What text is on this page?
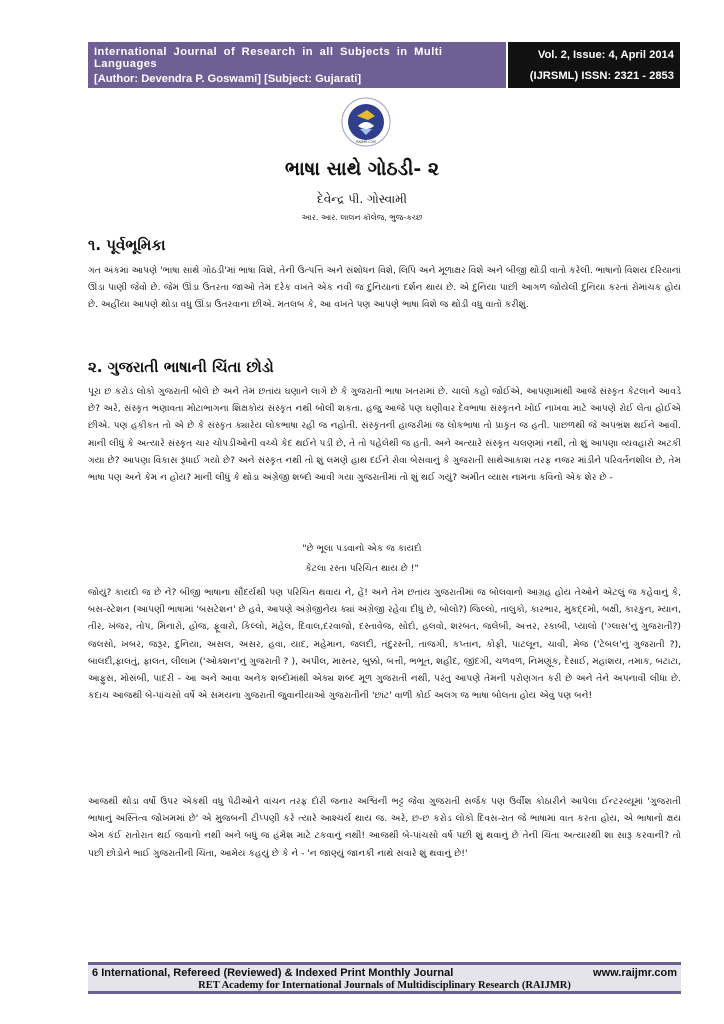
International Journal of Research in all Subjects in Multi Languages
[Author: Devendra P. Goswami] [Subject: Gujarati]
Vol. 2, Issue: 4, April 2014
(IJRSML) ISSN: 2321 - 2853
RAIJMR.COM
ભાષા સાથે ગોઠડી- ૨
દેવેન્દ્ર પી. ગોસ્વામી
આર. આર. લાલન કૉલેજ, ભુજ-કચ્છ
૧. પૂર્વભૂમિકા

ગત અંકમાં આપણે 'ભાષા સાથે ગોઠડી'માં ભાષા વિશે, તેની ઉત્પત્તિ અને સંશોધન વિશે, લિપિ અને મૂળાક્ષર વિશે અને બીજી થોડી વાતો કરેલી. ભાષાનો વિશય દરિયાનાં ઊંડા પાણી જેવો છે. જેમ ઊંડા ઉતરતા જાઓ તેમ દરેક વખતે એક નવી જ દુનિયાનાં દર્શન થાય છે. એ દુનિયા પાછી આગળ જોયેલી દુનિયા કરતાં રોમાંચક હોય છે. અહીંયા આપણે થોડા વધુ ઊંડા ઉતરવાના છીએ. મતલબ કે, આ વખતે પણ આપણે ભાષા વિશે જ થોડી વધુ વાતો કરીશું.

૨. ગુજરાતી ભાષાની ચિંતા છોડો

પૂરા છ કરોડ લોકો ગુજરાતી બોલે છે અને તેમ છતાંય ઘણાને લાગે છે કે ગુજરાતી ભાષા ખતરામાં છે. ચાલો કહો જોઈએ, આપણામાંથી આજે સંસ્કૃત કેટલાને આવડે છે? અરે, સંસ્કૃત ભણાવતા મોટાભાગના શિક્ષકોય સંસ્કૃત નથી બોલી શકતા. હજુ આજે પણ ઘણીવાર દેવભાષા સંસ્કૃતને ખોઈ નાખવા માટે આપણે રોઈ લેતા હોઈએ છીએ. પણ હકીકત તો એ છે કે સંસ્કૃત ક્યારેય લોકભાષા રહી જ નહોતી. સંસ્કૃતની હાજરીમાં જ લોકભાષા તો પ્રાકૃત જ હતી. પાછળથી જે અપભ્રંશ થઈને આવી. માની લીધું કે અત્યારે સંસ્કૃત ચાર ચોપડીઓની વચ્ચે કેદ થઈને પડી છે, તે તો પહેલેથી જ હતી. અને અત્યારે સંસ્કૃત ચલણમાં નથી, તો શું આપણા વ્યવહારો અટકી ગયા છે? આપણા વિકાસ રૂંધાઈ ગયો છે? અને સંસ્કૃત નથી તો શું લમણે હાથ દઈને રોવા બેસવાનું કે ગુજરાતી સાથેઆકાશ તરફ નજર માંડીને પરિવર્તનશીલ છે, તેમ ભાષા પણ અને કેમ ન હોય? માની લીધું કે થોડા અંગ્રેજી શબ્દો આવી ગયા ગુજરાતીમાં તો શું થઈ ગયું? અમીત વ્યાસ નામના કવિનો એક શેર છે -

"છે ભૂલા પડવાનો એક જ કાયદો

કેટલા રસ્તા પરિચિત થાય છે !"

જોયું? કાયદો જ છે ને? બીજી ભાષાના સૌંદર્યથી પણ પરિચિત થવાય ને, હેં! અને તેમ છતાંય ગુજરાતીમાં જ બોલવાનો આગ્રહ હોય તેઓને એટલું જ કહેવાનું કે, બસ-સ્ટેશન (આપણી ભાષામાં 'બસટેશન' છે હવે, આપણે અંગ્રેજીનેય ક્યાં અંગ્રેજી રહેવા દીધું છે, બોલો?) જિલ્લો, તાલુકો, કારભાર, મુકદ્દમો, બક્ષી, કારકુન, મ્યાન, તીર, ખંજર, તોપ, મિનારો, હોજ, ફૂવારો, કિલ્લો, મહેલ, દિવાલ,દરવાજો, દસ્તાવેજ, સોદો, હલવો, શરબત, જલેબી, અત્તર, રકાબી, પ્યાલો ('ગ્લાસ'નું ગુજરાતી?) જલસો, ખબર, જરૂર, દુનિયા, અસલ, અસર, હવા, યાદ, મહેમાન, જલદી, તંદુરસ્તી, તાજગી, કપ્તાન, કોફી, પાટલૂન, ચાવી, મેજ ('ટેબલ'નું ગુજરાતી ?), બાલદી,ફાલતું, ફાલત, લીલામ ('ઓક્શન'નું ગુજરાતી ? ), અપીલ, માસ્તર, બુક્કો, બત્તી, ભભૂત, શહીદ, જીંદગી, ચળવળ, નિમણૂંક, દેસાઈ, મહાશય, તમાક, બટાટા, આફુસ, મોસંબી, પાદરી - આ અને આવા અનેક શબ્દોમાંથી એક્ય શબ્દ મૂળ ગુજરાતી નથી, પરંતુ આપણે તેમની પરોણગત કરી છે અને તેને અપનાવી લીધા છે. કદાચ આજથી બે-પાંચસો વર્ષે એ સમયના ગુજરાતી જુવાનીયાઓ ગુજરાતીની 'છાંટ' વાળી કોઈ અલગ જ ભાષા બોલતા હોય એવું પણ બને!

આજથી થોડા વર્ષો ઉપર એકથી વધુ પેઢીઓને વાંચન તરફ દોરી જનાર અશ્વિની ભટ્ટ જેવા ગુજરાતી સર્જક પણ ઉર્વીશ કોઠારીને આપેલા ઈન્ટરવ્યૂમાં 'ગુજરાતી ભાષાનું અસ્તિત્વ જોખમમાં છે' એ મુજબની ટીપ્પણી કરે ત્યારે આશ્ચર્ય થાય જ. અરે, છ-છ કરોડ લોકો દિવસ-રાત જે ભાષામાં વાત કરતા હોય, એ ભાષાનો ક્ષય એમ કંઈ રાતોરાત થઈ જવાનો નથી અને બધું જ હંમેશ માટે ટકવાનું નથી! આજથી બે-પાંચસો વર્ષ પછી શું થવાનું છે તેની ચિંતા અત્યારથી શા સારૂ કરવાની? તો પછી છોડોને ભાઈ ગુજરાતીની ચિંતા, આમેય કહયું છે કે ને - 'ન જાણ્યું જાનકી નાથે સવારે શું થવાનું છે!'

6 International, Refereed (Reviewed) & Indexed Print Monthly Journal	www.raijmr.com
RET Academy for International Journals of Multidisciplinary Research (RAIJMR)
